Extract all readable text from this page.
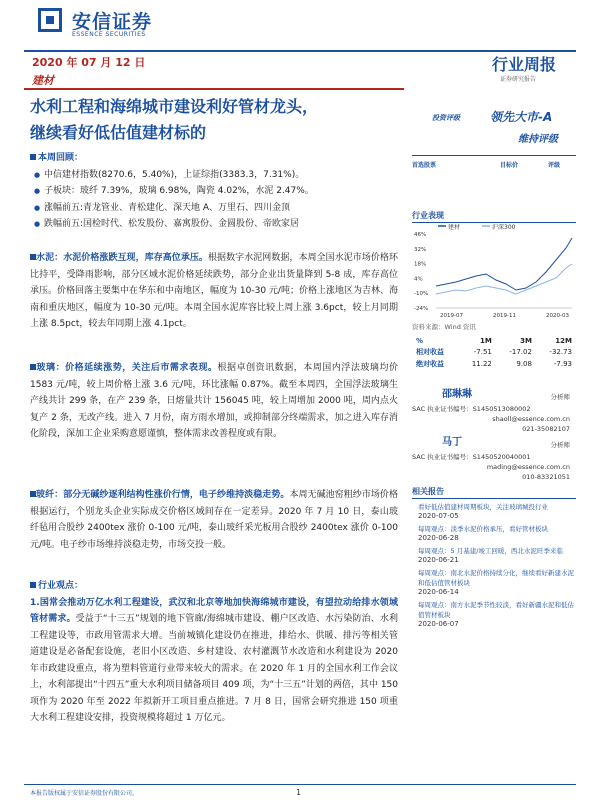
安信证券
ESSENCE SECURITIES
2020 年 07 月 12 日
建材
行业周报
证券研究报告
水利工程和海绵城市建设利好管材龙头，
继续看好低估值建材标的
投资评级	领先大市-A
维持评级
首选股票	目标价	评级
本周回顾：
● 中信建材指数(8270.6，5.40%)，上证综指(3383.3，7.31%)。
● 子板块：玻纤 7.39%，玻璃 6.98%，陶瓷 4.02%，水泥 2.47%。
● 涨幅前五:青龙管业、青松建化、深天地 A、万里石、四川金顶
● 跌幅前五:国检时代、松发股份、嘉寓股份、金圆股份、帝欧家居
水泥：水泥价格涨跌互现，库存高位承压。根据数字水泥网数据，本周全国水泥市场价格环比持平，受降雨影响，部分区域水泥价格延续跌势，部分企业出货量降到 5-8 成，库存高位承压。价格回落主要集中在华东和中南地区，幅度为 10-30 元/吨；价格上涨地区为吉林、海南和重庆地区，幅度为 10-30 元/吨。本周全国水泥库容比较上周上涨 3.6pct，较上月同期上涨 8.5pct，较去年同期上涨 4.1pct。
玻璃：价格延续涨势，关注后市需求表现。根据卓创资讯数据，本周国内浮法玻璃均价 1583 元/吨，较上周价格上涨 3.6 元/吨，环比涨幅 0.87%。截至本周四，全国浮法玻璃生产线共计 299 条，在产 239 条，日熔量共计 156045 吨，较上周增加 2000 吨，周内点火复产 2 条，无改产线。进入 7 月份，南方雨水增加，或抑制部分终端需求，加之进入库存消化阶段，深加工企业采购意愿谨慎，整体需求改善程度或有限。
玻纤：部分无碱纱逐利结构性涨价行情，电子纱维持淡稳走势。本周无碱池窑粗纱市场价格根据运行，个别龙头企业实际成交价格区域间存在一定差异。2020 年 7 月 10 日，泰山玻纤毡用合股纱 2400tex 涨价 0-100 元/吨，泰山玻纤采光板用合股纱 2400tex 涨价 0-100 元/吨。电子纱市场维持淡稳走势，市场交投一般。
行业观点：
1.国常会推动万亿水利工程建设，武汉和北京等地加快海绵城市建设，有望拉动给排水领域管材需求。受益于“十三五”规划的地下管廊/海绵城市建设、棚户区改造、水污染防治、水利工程建设等，市政用管需求大增。当前城镇化建设仍在推进，排给水、供暖、排污等相关管道建设是必备配套设施，老旧小区改造、乡村建设、农村灌溉节水改造和水利建设为 2020 年市政建设重点，将为塑料管道行业带来较大的需求。在 2020 年 1 月的全国水利工作会议上，水利部提出“十四五”重大水利项目储备项目 409 项，为“十三五”计划的两倍，其中 150 项作为 2020 年至 2022 年拟新开工项目重点推进。7 月 8 日，国常会研究推进 150 项重大水利工程建设安排，投资规模将超过 1 万亿元。
行业表现
建材	沪深300
46%
32%
18%
4%
-10%
-24%
2019-07	2019-11	2020-03
资料来源：Wind 资讯
%	1M	3M	12M
相对收益	-7.51	-17.02	-32.73
绝对收益	11.22	9.08	-7.93
邵琳琳	分析师
SAC 执业证书编号：S1450513080002
shaoll@essence.com.cn
021-35082107
马丁	分析师
SAC 执业证书编号：S1450520040001
mading@essence.com.cn
010-83321051
相关报告
看好低估值建材周期板块，关注玻璃城投行业
2020-07-05
每周观点：淡季水泥价格承压，看好管材板块
2020-06-28
每周观点：5 月基建/竣工回暖，西北水泥旺季来临
2020-06-21
每周观点：南北水泥价格持续分化，继续看好新建水泥和低估值管材板块
2020-06-14
每周观点：南方水泥季节性较淡，看好新疆水泥和低估值管材板块
2020-06-07
本报告版权属于安信证券股份有限公司，	1
